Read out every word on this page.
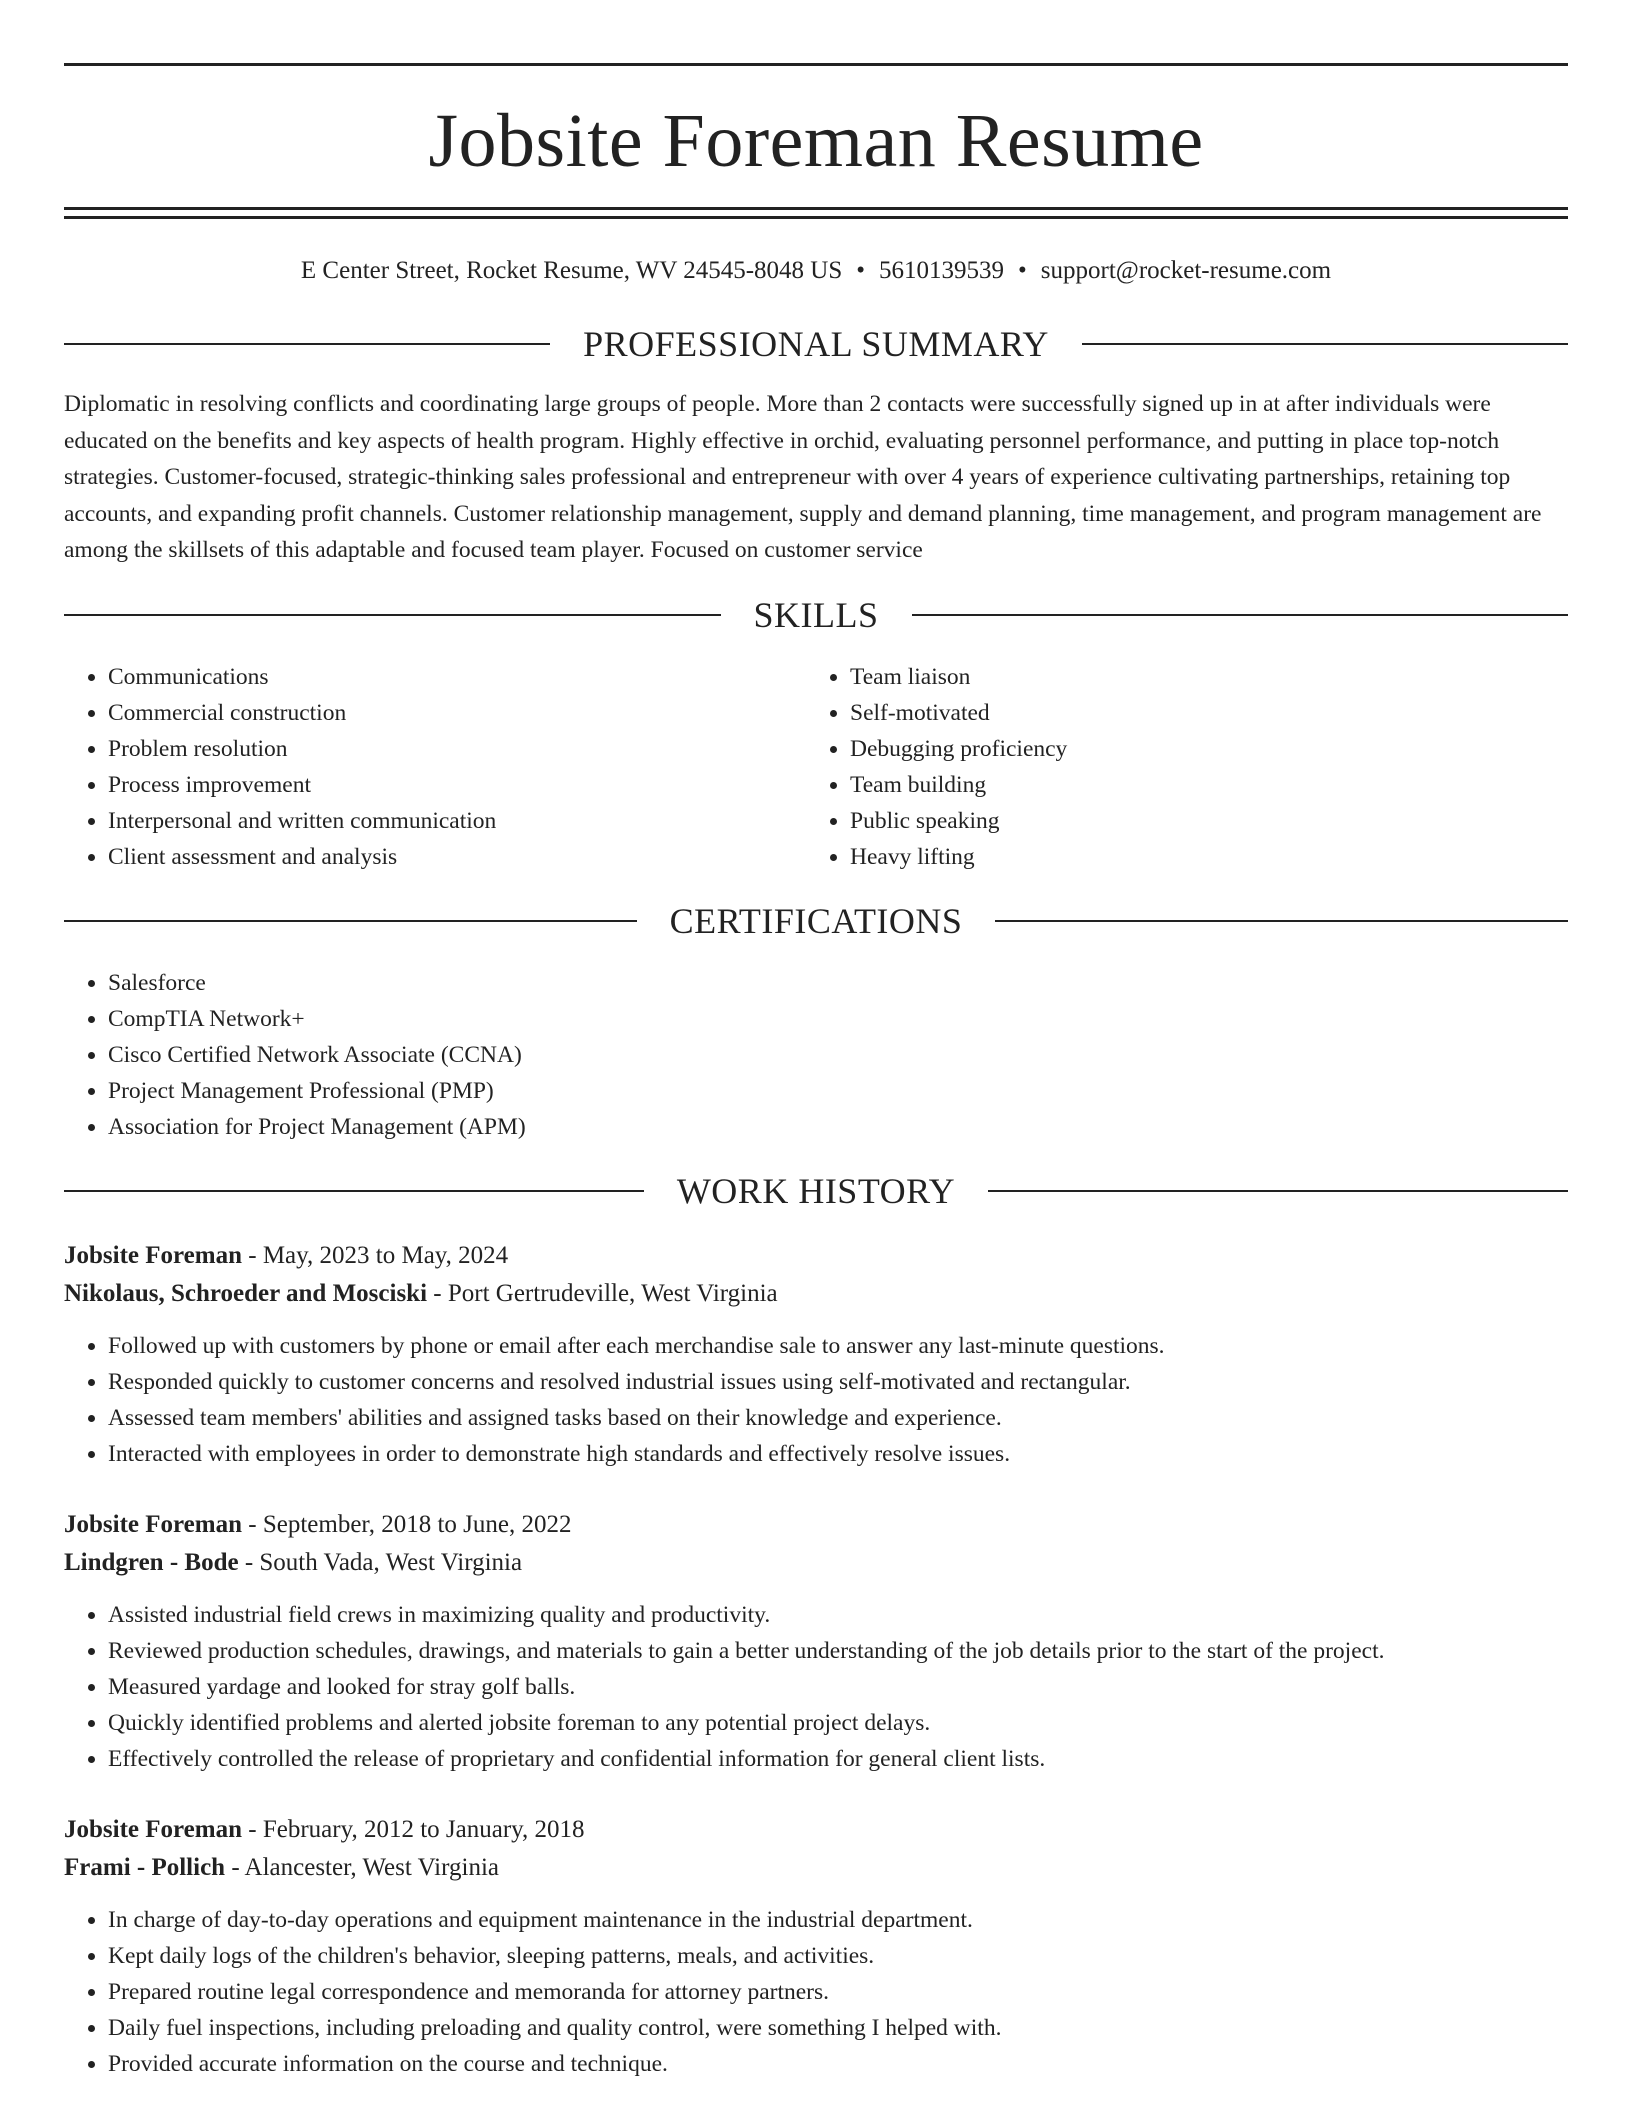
Jobsite Foreman Resume
E Center Street, Rocket Resume, WV 24545-8048 US • 5610139539 • support@rocket-resume.com
PROFESSIONAL SUMMARY
Diplomatic in resolving conflicts and coordinating large groups of people. More than 2 contacts were successfully signed up in at after individuals were educated on the benefits and key aspects of health program. Highly effective in orchid, evaluating personnel performance, and putting in place top-notch strategies. Customer-focused, strategic-thinking sales professional and entrepreneur with over 4 years of experience cultivating partnerships, retaining top accounts, and expanding profit channels. Customer relationship management, supply and demand planning, time management, and program management are among the skillsets of this adaptable and focused team player. Focused on customer service
SKILLS
• Communications
• Commercial construction
• Problem resolution
• Process improvement
• Interpersonal and written communication
• Client assessment and analysis
• Team liaison
• Self-motivated
• Debugging proficiency
• Team building
• Public speaking
• Heavy lifting
CERTIFICATIONS
• Salesforce
• CompTIA Network+
• Cisco Certified Network Associate (CCNA)
• Project Management Professional (PMP)
• Association for Project Management (APM)
WORK HISTORY
Jobsite Foreman - May, 2023 to May, 2024
Nikolaus, Schroeder and Mosciski - Port Gertrudeville, West Virginia
• Followed up with customers by phone or email after each merchandise sale to answer any last-minute questions.
• Responded quickly to customer concerns and resolved industrial issues using self-motivated and rectangular.
• Assessed team members' abilities and assigned tasks based on their knowledge and experience.
• Interacted with employees in order to demonstrate high standards and effectively resolve issues.
Jobsite Foreman - September, 2018 to June, 2022
Lindgren - Bode - South Vada, West Virginia
• Assisted industrial field crews in maximizing quality and productivity.
• Reviewed production schedules, drawings, and materials to gain a better understanding of the job details prior to the start of the project.
• Measured yardage and looked for stray golf balls.
• Quickly identified problems and alerted jobsite foreman to any potential project delays.
• Effectively controlled the release of proprietary and confidential information for general client lists.
Jobsite Foreman - February, 2012 to January, 2018
Frami - Pollich - Alancester, West Virginia
• In charge of day-to-day operations and equipment maintenance in the industrial department.
• Kept daily logs of the children's behavior, sleeping patterns, meals, and activities.
• Prepared routine legal correspondence and memoranda for attorney partners.
• Daily fuel inspections, including preloading and quality control, were something I helped with.
• Provided accurate information on the course and technique.
